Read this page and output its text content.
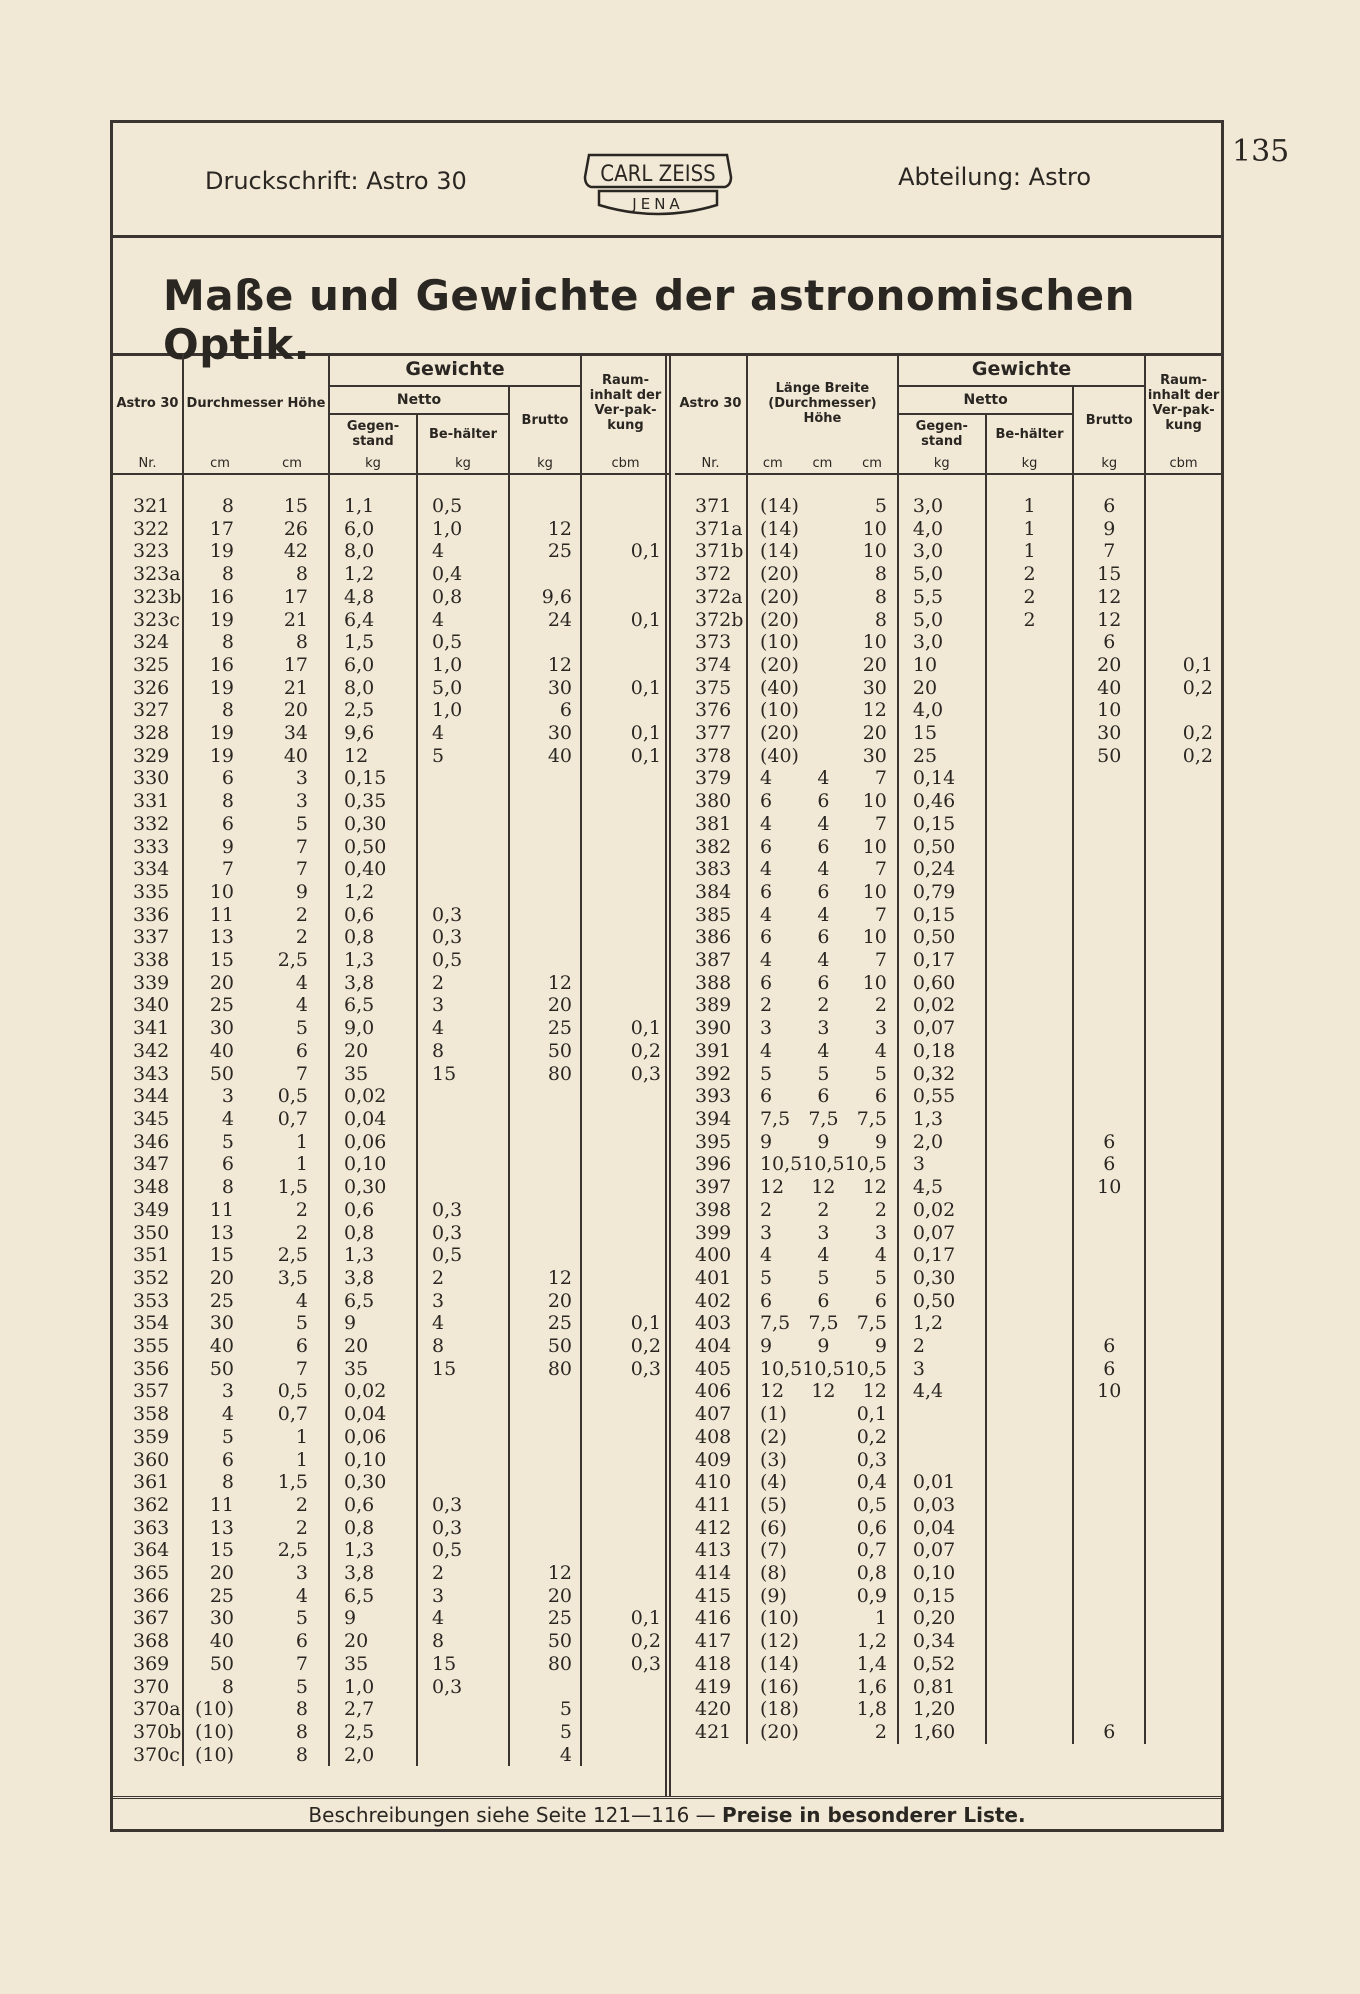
135
Druckschrift: Astro 30	CARL ZEISS
JENA
Abteilung: Astro
Maße und Gewichte der astronomischen Optik.
Astro 30	Durchmesser Höhe	Gewichte			Raum-inhalt der Ver-pak-kung
		Netto		Brutto	
		Gegen-stand	Be-hälter		
Nr.	cm cm	kg	kg	kg	cbm

321	8 15	1,1	0,5		
322	17 26	6,0	1,0	12	
323	19 42	8,0	4	25	0,1
323a	8 8	1,2	0,4		
323b	16 17	4,8	0,8	9,6	
323c	19 21	6,4	4	24	0,1
324	8 8	1,5	0,5		
325	16 17	6,0	1,0	12	
326	19 21	8,0	5,0	30	0,1
327	8 20	2,5	1,0	6	
328	19 34	9,6	4	30	0,1
329	19 40	12	5	40	0,1
330	6 3	0,15			
331	8 3	0,35			
332	6 5	0,30			
333	9 7	0,50			
334	7 7	0,40			
335	10 9	1,2			
336	11 2	0,6	0,3		
337	13 2	0,8	0,3		
338	15 2,5	1,3	0,5		
339	20 4	3,8	2	12	
340	25 4	6,5	3	20	
341	30 5	9,0	4	25	0,1
342	40 6	20	8	50	0,2
343	50 7	35	15	80	0,3
344	3 0,5	0,02			
345	4 0,7	0,04			
346	5 1	0,06			
347	6 1	0,10			
348	8 1,5	0,30			
349	11 2	0,6	0,3		
350	13 2	0,8	0,3		
351	15 2,5	1,3	0,5		
352	20 3,5	3,8	2	12	
353	25 4	6,5	3	20	
354	30 5	9	4	25	0,1
355	40 6	20	8	50	0,2
356	50 7	35	15	80	0,3
357	3 0,5	0,02			
358	4 0,7	0,04			
359	5 1	0,06			
360	6 1	0,10			
361	8 1,5	0,30			
362	11 2	0,6	0,3		
363	13 2	0,8	0,3		
364	15 2,5	1,3	0,5		
365	20 3	3,8	2	12	
366	25 4	6,5	3	20	
367	30 5	9	4	25	0,1
368	40 6	20	8	50	0,2
369	50 7	35	15	80	0,3
370	8 5	1,0	0,3		
370a	(10) 8	2,7		5	
370b	(10) 8	2,5		5	
370c	(10) 8	2,0		4	
Astro 30	Länge Breite (Durchmesser) Höhe	Gewichte			Raum-inhalt der Ver-pak-kung
		Netto		Brutto	
		Gegen-stand	Be-hälter		
Nr.	cm cm cm	kg	kg	kg	cbm

371	(14) 5	3,0	1	6	
371a	(14) 10	4,0	1	9	
371b	(14) 10	3,0	1	7	
372	(20) 8	5,0	2	15	
372a	(20) 8	5,5	2	12	
372b	(20) 8	5,0	2	12	
373	(10) 10	3,0		6	
374	(20) 20	10		20	0,1
375	(40) 30	20		40	0,2
376	(10) 12	4,0		10	
377	(20) 20	15		30	0,2
378	(40) 30	25		50	0,2
379	4 4 7	0,14			
380	6 6 10	0,46			
381	4 4 7	0,15			
382	6 6 10	0,50			
383	4 4 7	0,24			
384	6 6 10	0,79			
385	4 4 7	0,15			
386	6 6 10	0,50			
387	4 4 7	0,17			
388	6 6 10	0,60			
389	2 2 2	0,02			
390	3 3 3	0,07			
391	4 4 4	0,18			
392	5 5 5	0,32			
393	6 6 6	0,55			
394	7,5 7,5 7,5	1,3			
395	9 9 9	2,0		6	
396	10,5 10,5 10,5	3		6	
397	12 12 12	4,5		10	
398	2 2 2	0,02			
399	3 3 3	0,07			
400	4 4 4	0,17			
401	5 5 5	0,30			
402	6 6 6	0,50			
403	7,5 7,5 7,5	1,2			
404	9 9 9	2		6	
405	10,5 10,5 10,5	3		6	
406	12 12 12	4,4		10	
407	(1) 0,1				

408	(2) 0,2				

409	(3) 0,3				

410	(4) 0,4	0,01			
411	(5) 0,5	0,03			
412	(6) 0,6	0,04			
413	(7) 0,7	0,07			
414	(8) 0,8	0,10			
415	(9) 0,9	0,15			
416	(10) 1	0,20			
417	(12) 1,2	0,34			
418	(14) 1,4	0,52			
419	(16) 1,6	0,81			
420	(18) 1,8	1,20			
421	(20) 2	1,60		6	
Beschreibungen siehe Seite 121—116 — Preise in besonderer Liste.
